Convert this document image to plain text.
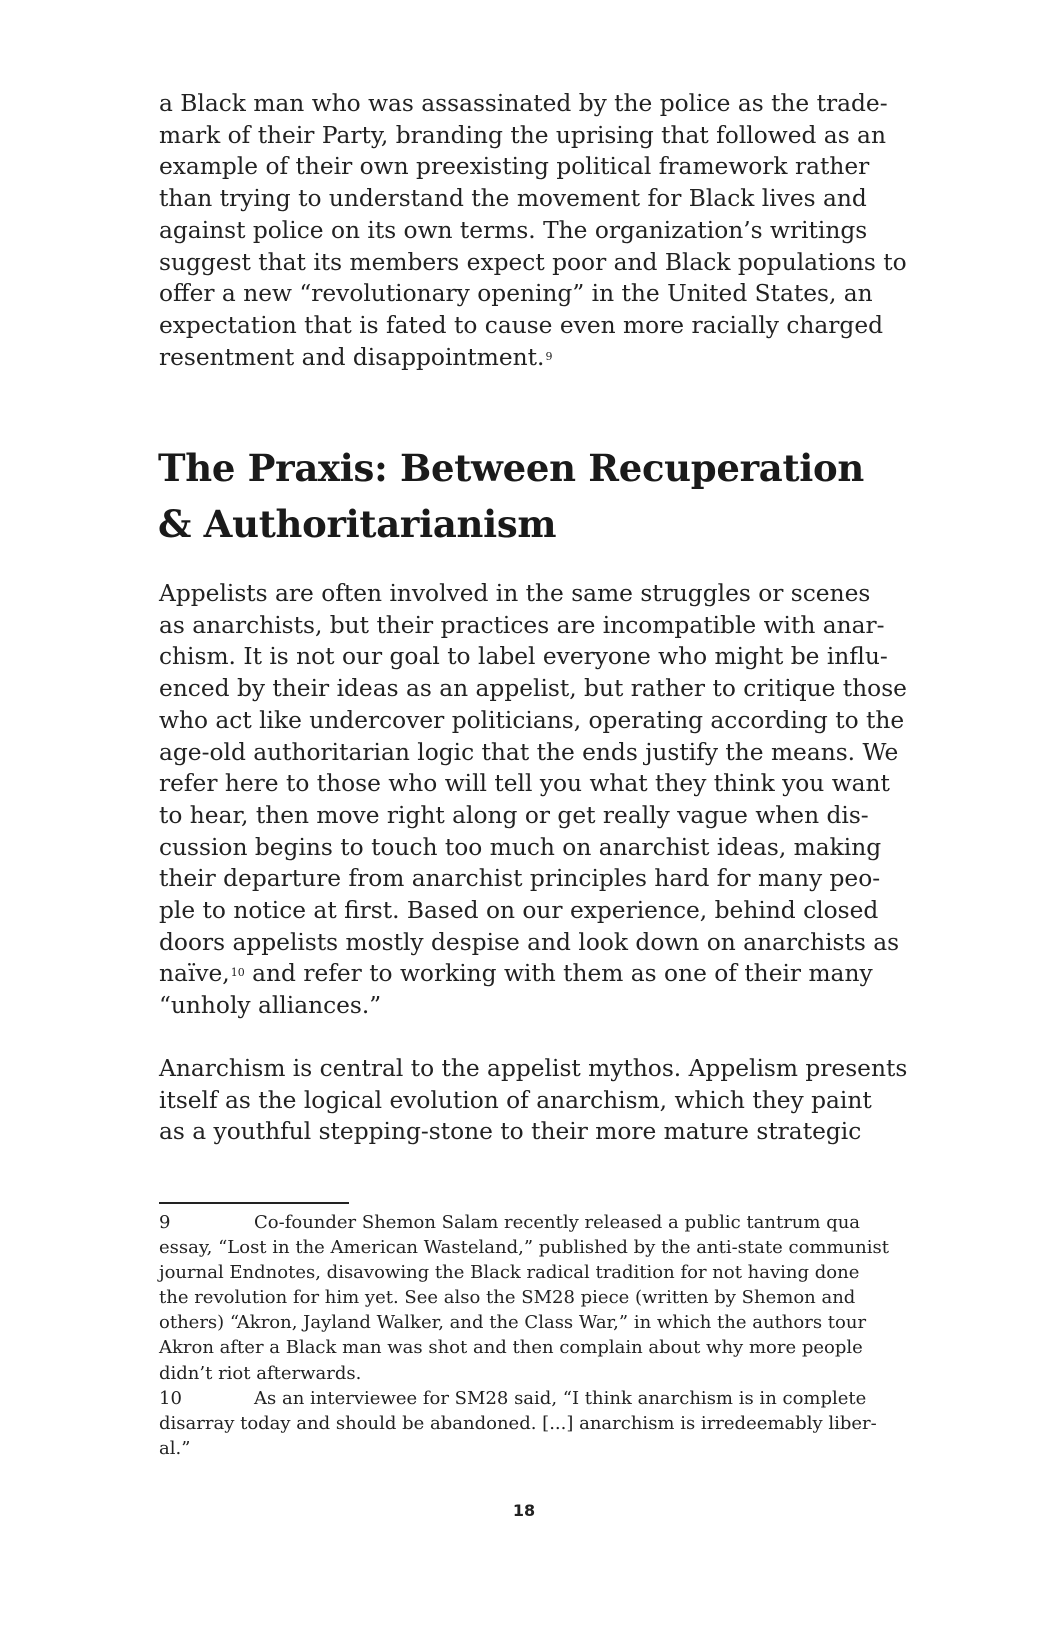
a Black man who was assassinated by the police as the trade-
mark of their Party, branding the uprising that followed as an
example of their own preexisting political framework rather
than trying to understand the movement for Black lives and
against police on its own terms. The organization’s writings
suggest that its members expect poor and Black populations to
offer a new “revolutionary opening” in the United States, an
expectation that is fated to cause even more racially charged
resentment and disappointment.$^9$
The Praxis: Between Recuperation
& Authoritarianism
Appelists are often involved in the same struggles or scenes
as anarchists, but their practices are incompatible with anar-
chism. It is not our goal to label everyone who might be influ-
enced by their ideas as an appelist, but rather to critique those
who act like undercover politicians, operating according to the
age-old authoritarian logic that the ends justify the means. We
refer here to those who will tell you what they think you want
to hear, then move right along or get really vague when dis-
cussion begins to touch too much on anarchist ideas, making
their departure from anarchist principles hard for many peo-
ple to notice at first. Based on our experience, behind closed
doors appelists mostly despise and look down on anarchists as
naïve,$^{10}$ and refer to working with them as one of their many
“unholy alliances.”
Anarchism is central to the appelist mythos. Appelism presents
itself as the logical evolution of anarchism, which they paint
as a youthful stepping-stone to their more mature strategic
9	Co-founder Shemon Salam recently released a public tantrum qua
essay, “Lost in the American Wasteland,” published by the anti-state communist
journal Endnotes, disavowing the Black radical tradition for not having done
the revolution for him yet. See also the SM28 piece (written by Shemon and
others) “Akron, Jayland Walker, and the Class War,” in which the authors tour
Akron after a Black man was shot and then complain about why more people
didn’t riot afterwards.
10	As an interviewee for SM28 said, “I think anarchism is in complete
disarray today and should be abandoned. [...] anarchism is irredeemably liber-
al.”
18
